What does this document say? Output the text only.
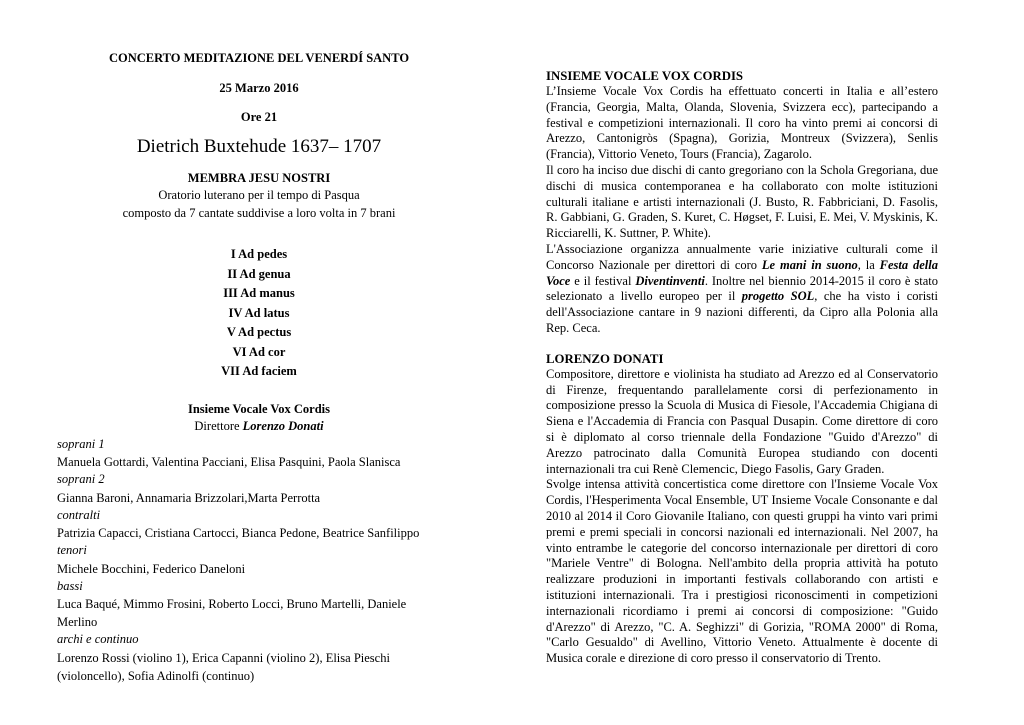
CONCERTO MEDITAZIONE DEL VENERDÍ SANTO
25 Marzo 2016
Ore 21
Dietrich Buxtehude 1637– 1707
MEMBRA JESU NOSTRI
Oratorio luterano per il tempo di Pasqua
composto da 7 cantate suddivise a loro volta in 7 brani
I Ad pedes
II Ad genua
III Ad manus
IV Ad latus
V Ad pectus
VI Ad cor
VII Ad faciem
Insieme Vocale Vox Cordis
Direttore Lorenzo Donati
soprani 1
Manuela Gottardi, Valentina Pacciani, Elisa Pasquini, Paola Slanisca
soprani 2
Gianna Baroni, Annamaria Brizzolari,Marta Perrotta
contralti
Patrizia Capacci, Cristiana Cartocci, Bianca Pedone, Beatrice Sanfilippo
tenori
Michele Bocchini, Federico Daneloni
bassi
Luca Baqué, Mimmo Frosini, Roberto Locci, Bruno Martelli, Daniele
Merlino
archi e continuo
Lorenzo Rossi (violino 1), Erica Capanni (violino 2), Elisa Pieschi
(violoncello), Sofia Adinolfi (continuo)
INSIEME VOCALE VOX CORDIS
L’Insieme Vocale Vox Cordis ha effettuato concerti in Italia e all’estero (Francia, Georgia, Malta, Olanda, Slovenia, Svizzera ecc), partecipando a festival e competizioni internazionali. Il coro ha vinto premi ai concorsi di Arezzo, Cantonigròs (Spagna), Gorizia, Montreux (Svizzera), Senlis (Francia), Vittorio Veneto, Tours (Francia), Zagarolo.
Il coro ha inciso due dischi di canto gregoriano con la Schola Gregoriana, due dischi di musica contemporanea e ha collaborato con molte istituzioni culturali italiane e artisti internazionali (J. Busto, R. Fabbriciani, D. Fasolis, R. Gabbiani, G. Graden, S. Kuret, C. Høgset, F. Luisi, E. Mei, V. Myskinis, K. Ricciarelli, K. Suttner, P. White).
L'Associazione organizza annualmente varie iniziative culturali come il Concorso Nazionale per direttori di coro Le mani in suono, la Festa della Voce e il festival Diventinventi. Inoltre nel biennio 2014-2015 il coro è stato selezionato a livello europeo per il progetto SOL, che ha visto i coristi dell'Associazione cantare in 9 nazioni differenti, da Cipro alla Polonia alla Rep. Ceca.
LORENZO DONATI
Compositore, direttore e violinista ha studiato ad Arezzo ed al Conservatorio di Firenze, frequentando parallelamente corsi di perfezionamento in composizione presso la Scuola di Musica di Fiesole, l'Accademia Chigiana di Siena e l'Accademia di Francia con Pasqual Dusapin. Come direttore di coro si è diplomato al corso triennale della Fondazione "Guido d'Arezzo" di Arezzo patrocinato dalla Comunità Europea studiando con docenti internazionali tra cui Renè Clemencic, Diego Fasolis, Gary Graden.
Svolge intensa attività concertistica come direttore con l'Insieme Vocale Vox Cordis, l'Hesperimenta Vocal Ensemble, UT Insieme Vocale Consonante e dal 2010 al 2014 il Coro Giovanile Italiano, con questi gruppi ha vinto vari primi premi e premi speciali in concorsi nazionali ed internazionali. Nel 2007, ha vinto entrambe le categorie del concorso internazionale per direttori di coro "Mariele Ventre" di Bologna. Nell'ambito della propria attività ha potuto realizzare produzioni in importanti festivals collaborando con artisti e istituzioni internazionali. Tra i prestigiosi riconoscimenti in competizioni internazionali ricordiamo i premi ai concorsi di composizione: "Guido d'Arezzo" di Arezzo, "C. A. Seghizzi" di Gorizia, "ROMA 2000" di Roma, "Carlo Gesualdo" di Avellino, Vittorio Veneto. Attualmente è docente di Musica corale e direzione di coro presso il conservatorio di Trento.
